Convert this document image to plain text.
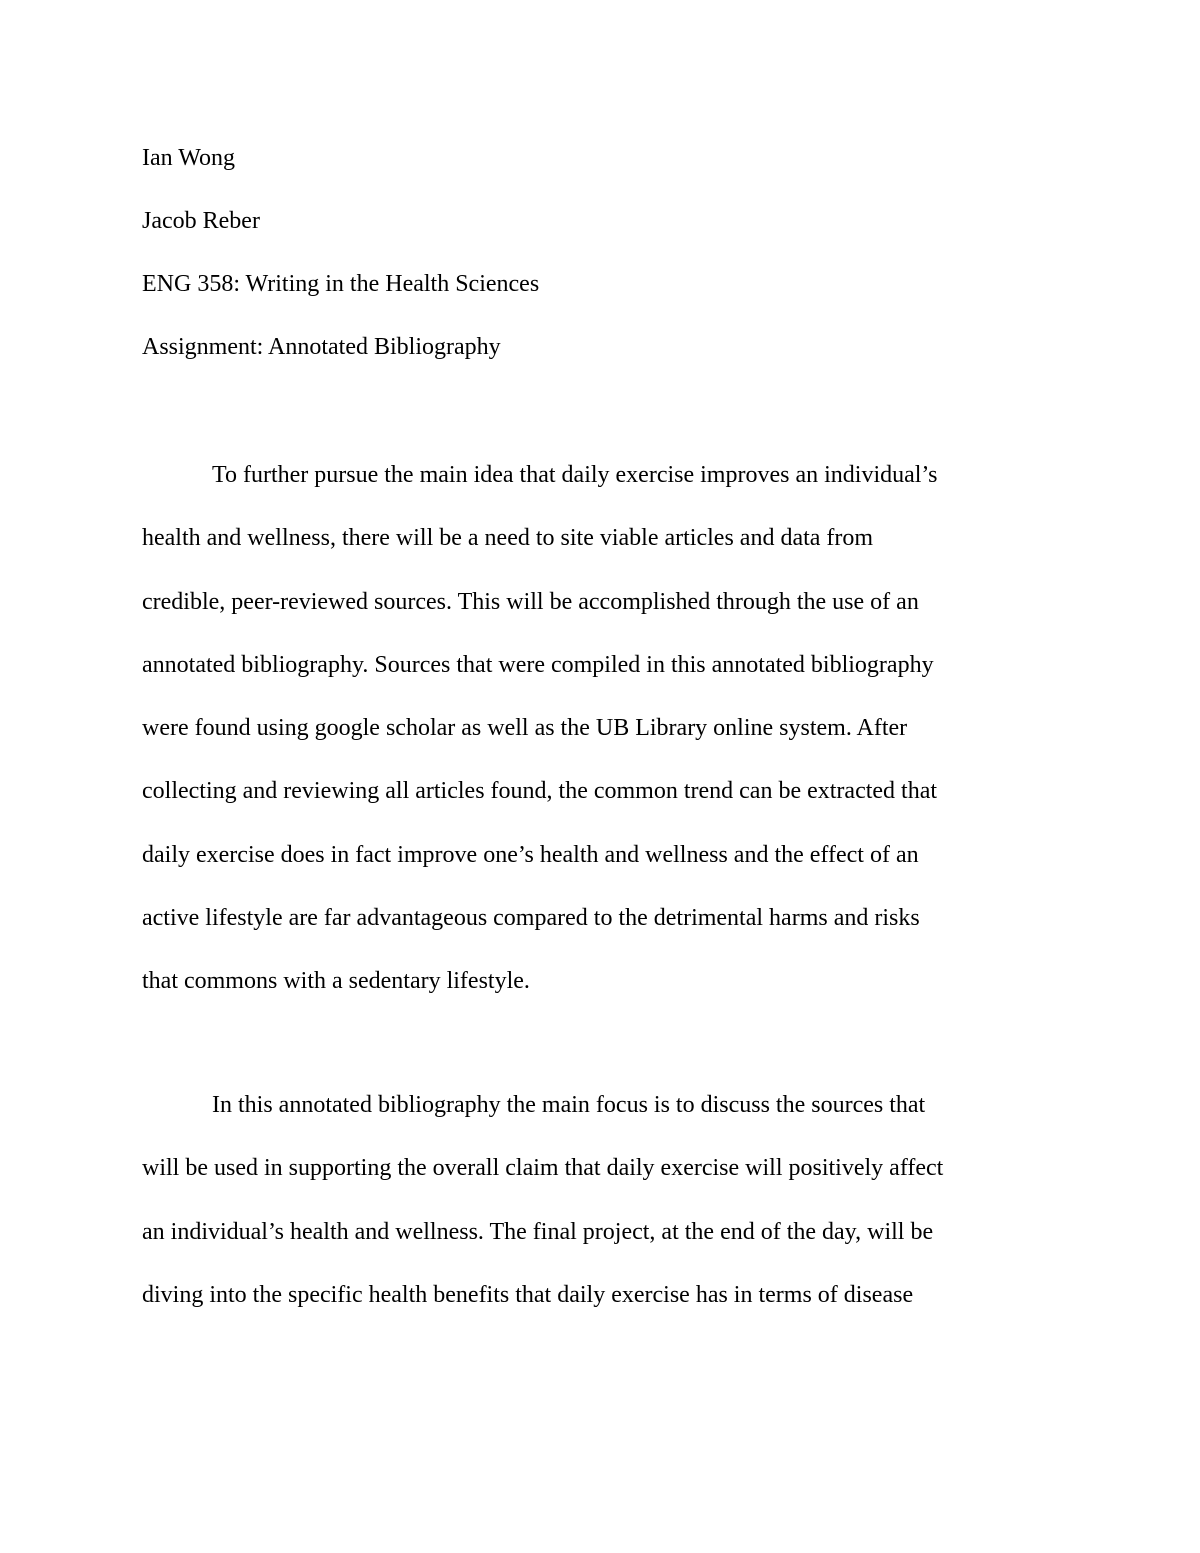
Ian Wong

Jacob Reber

ENG 358: Writing in the Health Sciences

Assignment: Annotated Bibliography

To further pursue the main idea that daily exercise improves an individual’s
health and wellness, there will be a need to site viable articles and data from
credible, peer-reviewed sources. This will be accomplished through the use of an
annotated bibliography. Sources that were compiled in this annotated bibliography
were found using google scholar as well as the UB Library online system. After
collecting and reviewing all articles found, the common trend can be extracted that
daily exercise does in fact improve one’s health and wellness and the effect of an
active lifestyle are far advantageous compared to the detrimental harms and risks
that commons with a sedentary lifestyle.
In this annotated bibliography the main focus is to discuss the sources that
will be used in supporting the overall claim that daily exercise will positively affect
an individual’s health and wellness. The final project, at the end of the day, will be
diving into the specific health benefits that daily exercise has in terms of disease
